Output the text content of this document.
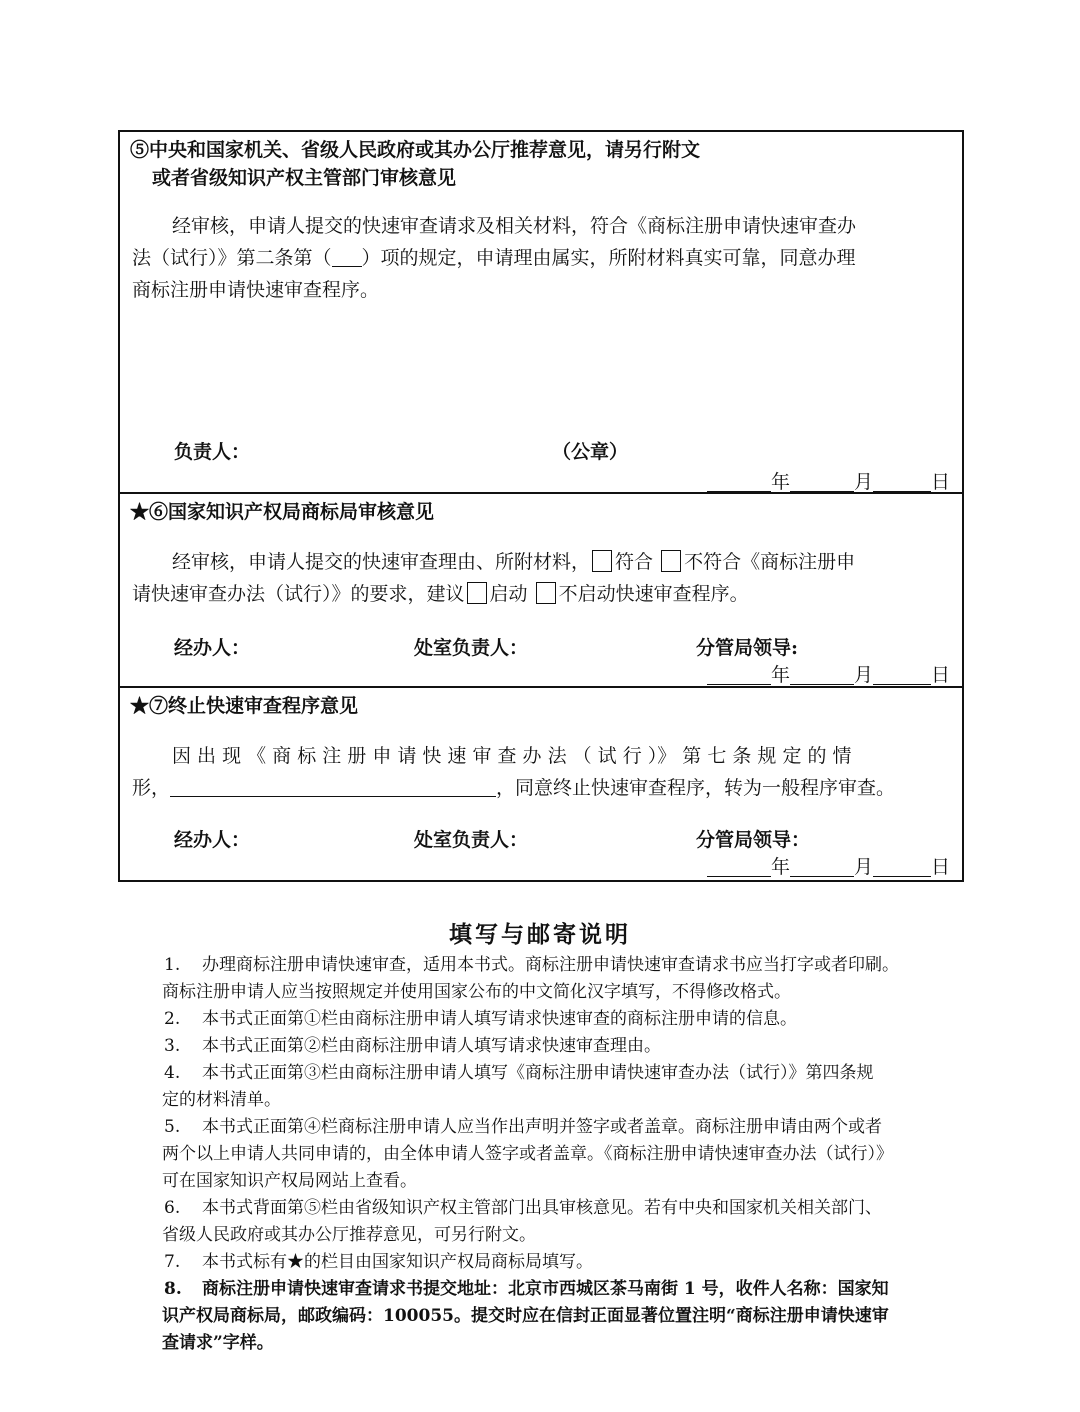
⑤中央和国家机关、省级人民政府或其办公厅推荐意见，请另行附文
或者省级知识产权主管部门审核意见
经审核，申请人提交的快速审查请求及相关材料，符合《商标注册申请快速审查办
法（试行）》第二条第（ ）项的规定，申请理由属实，所附材料真实可靠，同意办理
商标注册申请快速审查程序。
负责人：	（公章）
年	月	日
★⑥国家知识产权局商标局审核意见
经审核，申请人提交的快速审查理由、所附材料， 符合 不符合《商标注册申
请快速审查办法（试行）》的要求，建议 启动 不启动快速审查程序。
经办人：	处室负责人：	分管局领导:
年	月	日
★⑦终止快速审查程序意见
因 出 现 《 商 标 注 册 申 请 快 速 审 查 办 法 （ 试 行 ）》 第 七 条 规 定 的 情
形，	，同意终止快速审查程序，转为一般程序审查。
经办人：	处室负责人：	分管局领导：
年	月	日
填写与邮寄说明
1. 办理商标注册申请快速审查，适用本书式。商标注册申请快速审查请求书应当打字或者印刷。
商标注册申请人应当按照规定并使用国家公布的中文简化汉字填写，不得修改格式。
2. 本书式正面第①栏由商标注册申请人填写请求快速审查的商标注册申请的信息。
3. 本书式正面第②栏由商标注册申请人填写请求快速审查理由。
4. 本书式正面第③栏由商标注册申请人填写《商标注册申请快速审查办法（试行）》第四条规
定的材料清单。
5. 本书式正面第④栏商标注册申请人应当作出声明并签字或者盖章。商标注册申请由两个或者
两个以上申请人共同申请的，由全体申请人签字或者盖章。《商标注册申请快速审查办法（试行）》
可在国家知识产权局网站上查看。
6. 本书式背面第⑤栏由省级知识产权主管部门出具审核意见。若有中央和国家机关相关部门、
省级人民政府或其办公厅推荐意见，可另行附文。
7. 本书式标有★的栏目由国家知识产权局商标局填写。
8. 商标注册申请快速审查请求书提交地址：北京市西城区茶马南街 1 号，收件人名称：国家知
识产权局商标局，邮政编码：100055。提交时应在信封正面显著位置注明“商标注册申请快速审
查请求”字样。
